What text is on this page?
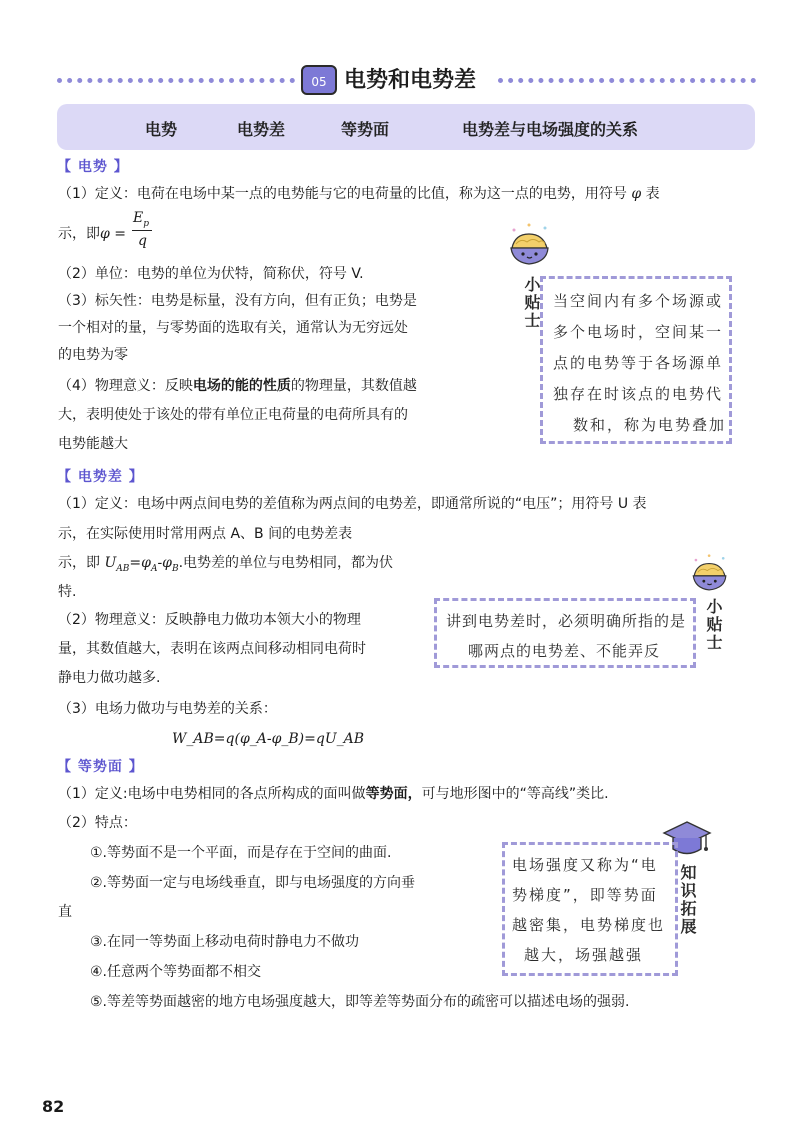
05 电势和电势差
电势	电势差	等势面	电势差与电场强度的关系
【 电势 】
（1）定义：电荷在电场中某一点的电势能与它的电荷量的比值，称为这一点的电势，用符号 φ 表
示，即φ =
$E_p$
q
（2）单位：电势的单位为伏特，简称伏，符号 V.
（3）标矢性：电势是标量，没有方向，但有正负；电势是
一个相对的量，与零势面的选取有关，通常认为无穷远处
的电势为零
（4）物理意义：反映电场的能的性质的物理量，其数值越
大，表明使处于该处的带有单位正电荷量的电荷所具有的
电势能越大
小贴士 当空间内有多个场源或
多个电场时，空间某一
点的电势等于各场源单
独存在时该点的电势代
数和，称为电势叠加
【 电势差 】
（1）定义：电场中两点间电势的差值称为两点间的电势差，即通常所说的“电压”；用符号 U 表
示，在实际使用时常用两点 A、B 间的电势差表
示，即 $U_{AB}=\varphi_A-\varphi_B$.电势差的单位与电势相同，都为伏
特.
（2）物理意义：反映静电力做功本领大小的物理
量，其数值越大，表明在该两点间移动相同电荷时
静电力做功越多.
（3）电场力做功与电势差的关系：
W_AB=q(φ_A-φ_B)=qU_AB
小贴士
讲到电势差时，必须明确所指的是
哪两点的电势差、不能弄反
【 等势面 】
（1）定义:电场中电势相同的各点所构成的面叫做等势面，可与地形图中的“等高线”类比.
（2）特点：
①.等势面不是一个平面，而是存在于空间的曲面.
②.等势面一定与电场线垂直，即与电场强度的方向垂
直
③.在同一等势面上移动电荷时静电力不做功
④.任意两个等势面都不相交
⑤.等差等势面越密的地方电场强度越大，即等差等势面分布的疏密可以描述电场的强弱.
知识拓展
电场强度又称为“电
势梯度”，即等势面
越密集，电势梯度也
越大，场强越强
82
